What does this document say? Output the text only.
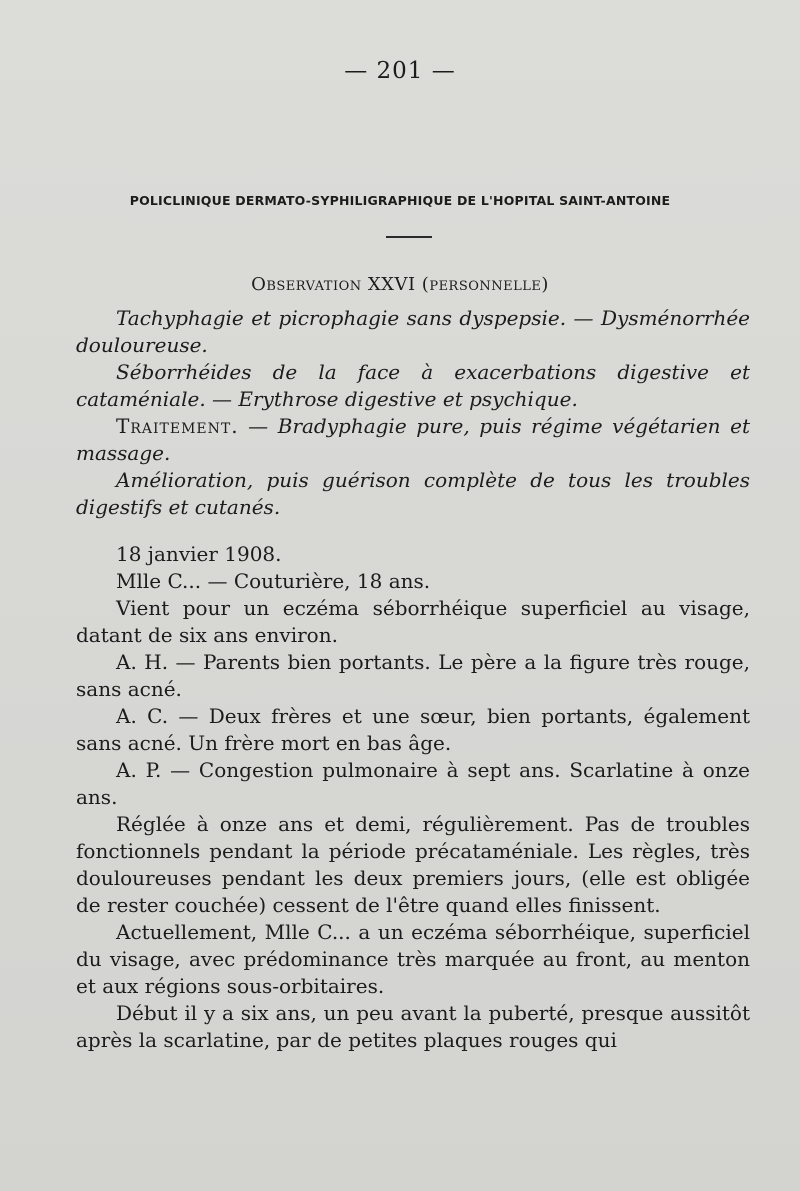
— 201 —
POLICLINIQUE DERMATO-SYPHILIGRAPHIQUE DE L'HOPITAL SAINT-ANTOINE
Observation XXVI (personnelle)

Tachyphagie et picrophagie sans dyspepsie. — Dysménorrhée douloureuse.

Séborrhéides de la face à exacerbations digestive et cataméniale. — Erythrose digestive et psychique.

Traitement. — Bradyphagie pure, puis régime végétarien et massage.

Amélioration, puis guérison complète de tous les troubles digestifs et cutanés.

18 janvier 1908.

Mlle C... — Couturière, 18 ans.

Vient pour un eczéma séborrhéique superficiel au visage, datant de six ans environ.

A. H. — Parents bien portants. Le père a la figure très rouge, sans acné.

A. C. — Deux frères et une sœur, bien portants, également sans acné. Un frère mort en bas âge.

A. P. — Congestion pulmonaire à sept ans. Scarlatine à onze ans.

Réglée à onze ans et demi, régulièrement. Pas de troubles fonctionnels pendant la période précataméniale. Les règles, très douloureuses pendant les deux premiers jours, (elle est obligée de rester couchée) cessent de l'être quand elles finissent.

Actuellement, Mlle C... a un eczéma séborrhéique, superficiel du visage, avec prédominance très marquée au front, au menton et aux régions sous-orbitaires.

Début il y a six ans, un peu avant la puberté, presque aussitôt après la scarlatine, par de petites plaques rouges qui
